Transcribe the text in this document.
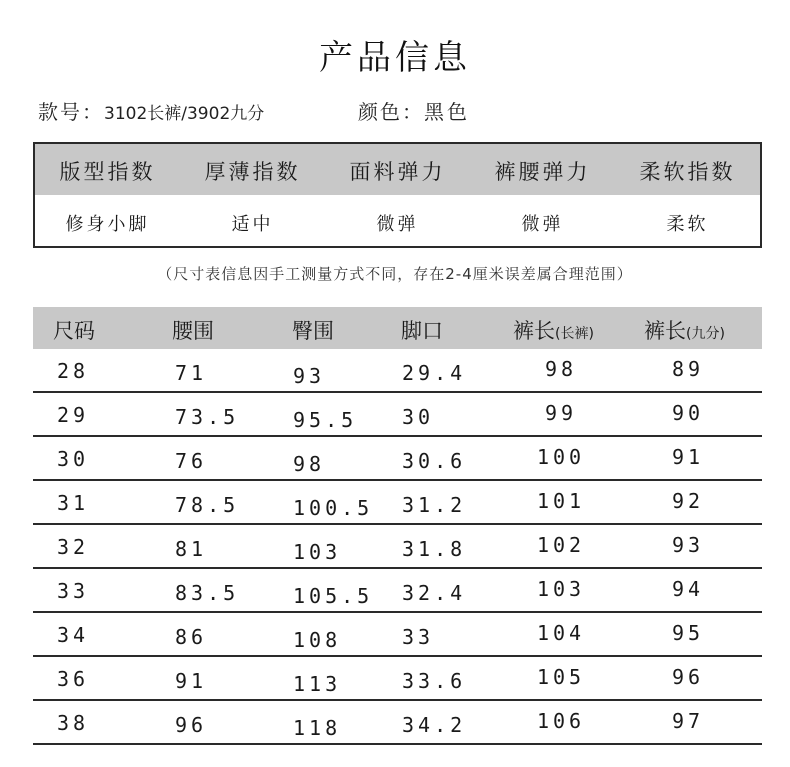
产品信息
款号：3102长裤/3902九分	颜色：黑色
版型指数	厚薄指数	面料弹力	裤腰弹力	柔软指数
修身小脚	适中	微弹	微弹	柔软
（尺寸表信息因手工测量方式不同，存在2-4厘米误差属合理范围）
尺码	腰围	臀围	脚口	裤长(长裤) 裤长(九分)
28	71	93	29.4	98	89
29	73.5	95.5 30	99	90
30	76	98	30.6	100	91
31	78.5	100.5 31.2	101	92
32	81	103	31.8	102	93
33	83.5	105.5 32.4	103	94
34	86	108	33	104	95
36	91	113	33.6	105	96
38	96	118	34.2	106	97
